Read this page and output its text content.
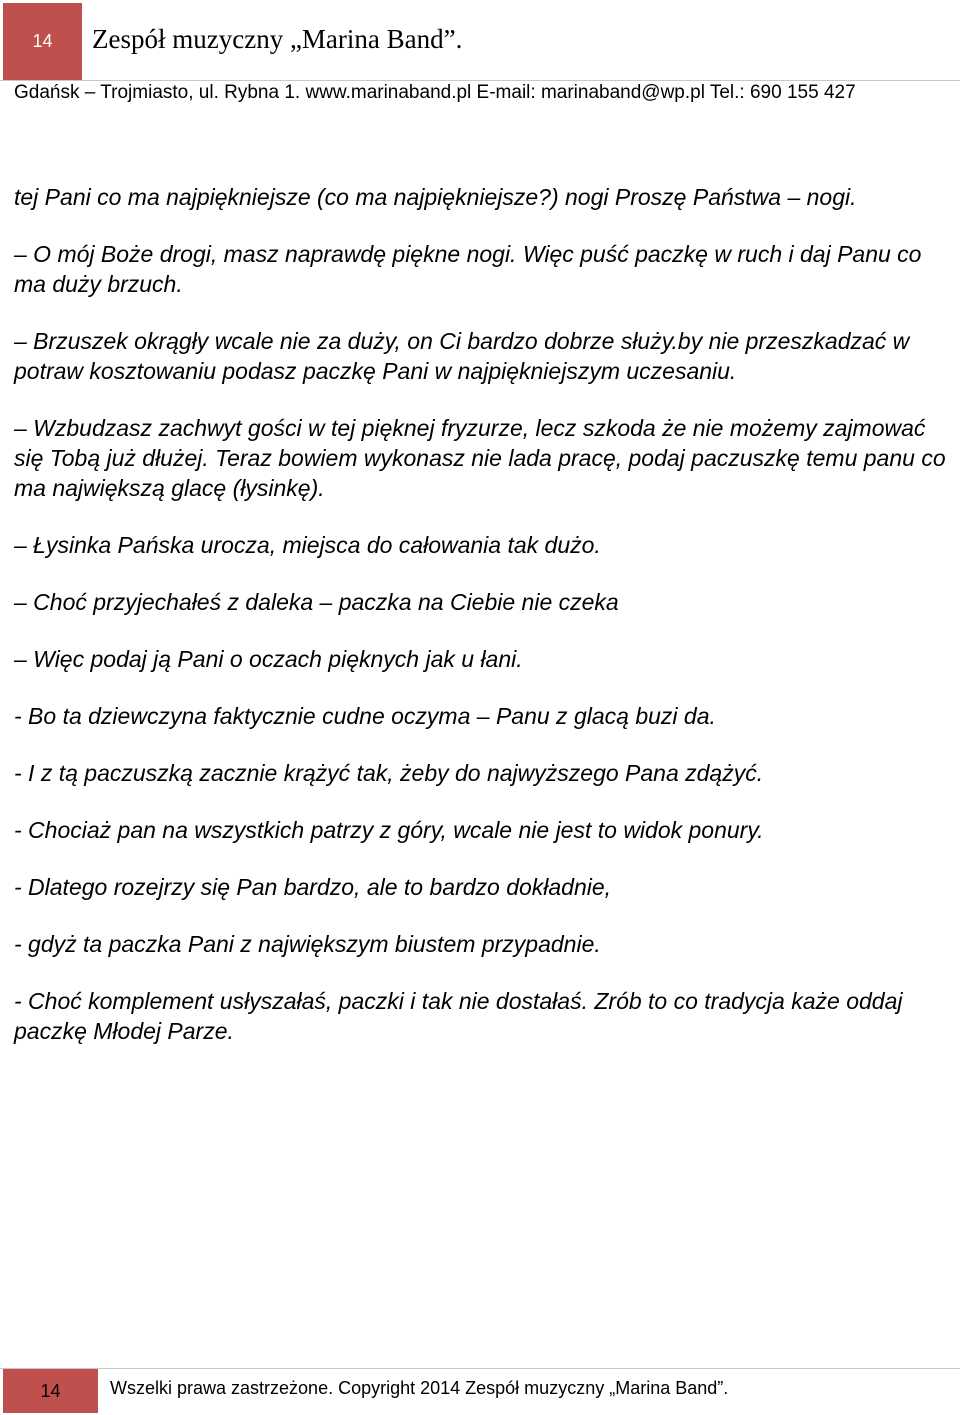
14	Zespół muzyczny „Marina Band”.
Gdańsk – Trojmiasto, ul. Rybna 1. www.marinaband.pl E-mail: marinaband@wp.pl Tel.: 690 155 427

tej Pani co ma najpiękniejsze (co ma najpiękniejsze?) nogi Proszę Państwa – nogi.

– O mój Boże drogi, masz naprawdę piękne nogi. Więc puść paczkę w ruch i daj Panu co ma duży brzuch.

– Brzuszek okrągły wcale nie za duży, on Ci bardzo dobrze służy.by nie przeszkadzać w potraw kosztowaniu podasz paczkę Pani w najpiękniejszym uczesaniu.

– Wzbudzasz zachwyt gości w tej pięknej fryzurze, lecz szkoda że nie możemy zajmować się Tobą już dłużej. Teraz bowiem wykonasz nie lada pracę, podaj paczuszkę temu panu co ma największą glacę (łysinkę).

– Łysinka Pańska urocza, miejsca do całowania tak dużo.

– Choć przyjechałeś z daleka – paczka na Ciebie nie czeka

– Więc podaj ją Pani o oczach pięknych jak u łani.

- Bo ta dziewczyna faktycznie cudne oczyma – Panu z glacą buzi da.

- I z tą paczuszką zacznie krążyć tak, żeby do najwyższego Pana zdążyć.

- Chociaż pan na wszystkich patrzy z góry, wcale nie jest to widok ponury.

- Dlatego rozejrzy się Pan bardzo, ale to bardzo dokładnie,

- gdyż ta paczka Pani z największym biustem przypadnie.

- Choć komplement usłyszałaś, paczki i tak nie dostałaś. Zrób to co tradycja każe oddaj paczkę Młodej Parze.

14	Wszelki prawa zastrzeżone. Copyright 2014 Zespół muzyczny „Marina Band”.
